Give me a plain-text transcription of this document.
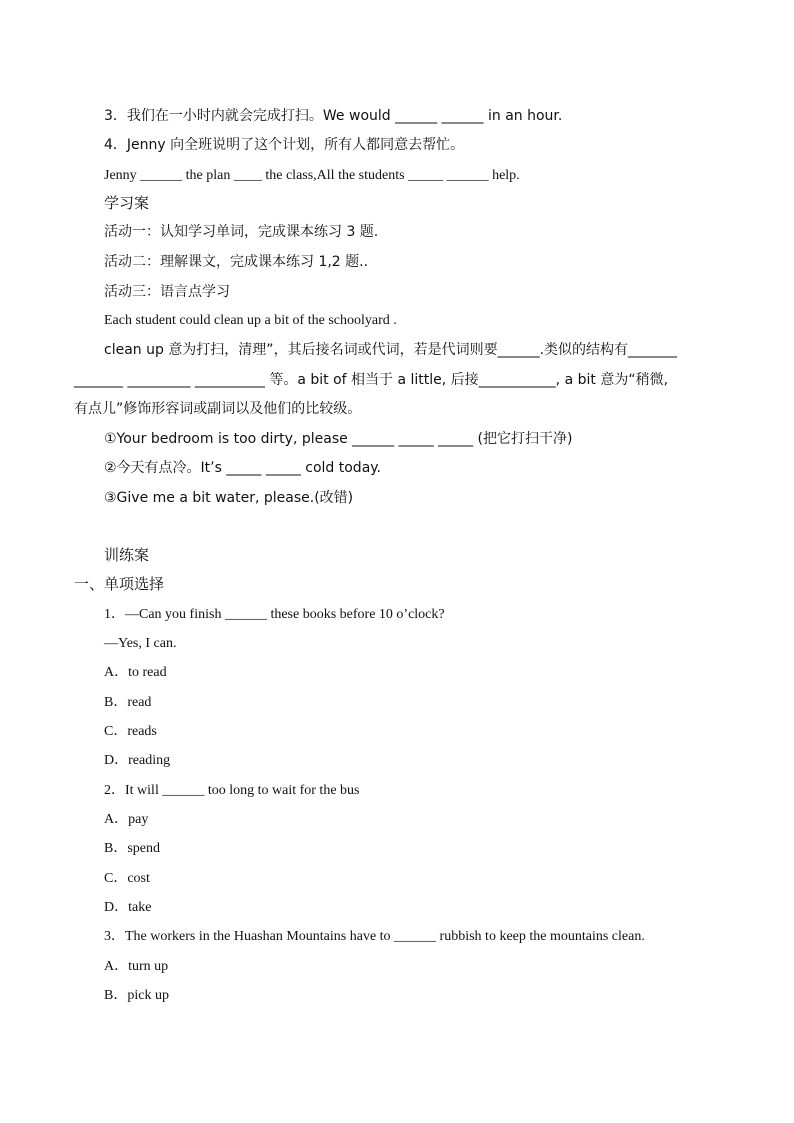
3．我们在一小时内就会完成打扫。We would ______ ______ in an hour.
4．Jenny 向全班说明了这个计划，所有人都同意去帮忙。
Jenny ______ the plan ____ the class,All the students _____ ______ help.
学习案
活动一：认知学习单词，完成课本练习 3 题.
活动二：理解课文，完成课本练习 1,2 题..
活动三：语言点学习
Each student could clean up a bit of the schoolyard .
clean up 意为打扫，清理”，其后接名词或代词，若是代词则要______.类似的结构有_______
_______ _________ __________ 等。a bit of 相当于 a little, 后接___________, a bit 意为“稍微,
有点儿”修饰形容词或副词以及他们的比较级。
①Your bedroom is too dirty, please ______ _____ _____ (把它打扫干净)
②今天有点冷。It’s _____ _____ cold today.
③Give me a bit water, please.(改错)
训练案
一、单项选择
1．—Can you finish ______ these books before 10 o’clock?
—Yes, I can.
A．to read
B．read
C．reads
D．reading
2．It will ______ too long to wait for the bus
A．pay
B．spend
C．cost
D．take
3．The workers in the Huashan Mountains have to ______ rubbish to keep the mountains clean.
A．turn up
B．pick up
